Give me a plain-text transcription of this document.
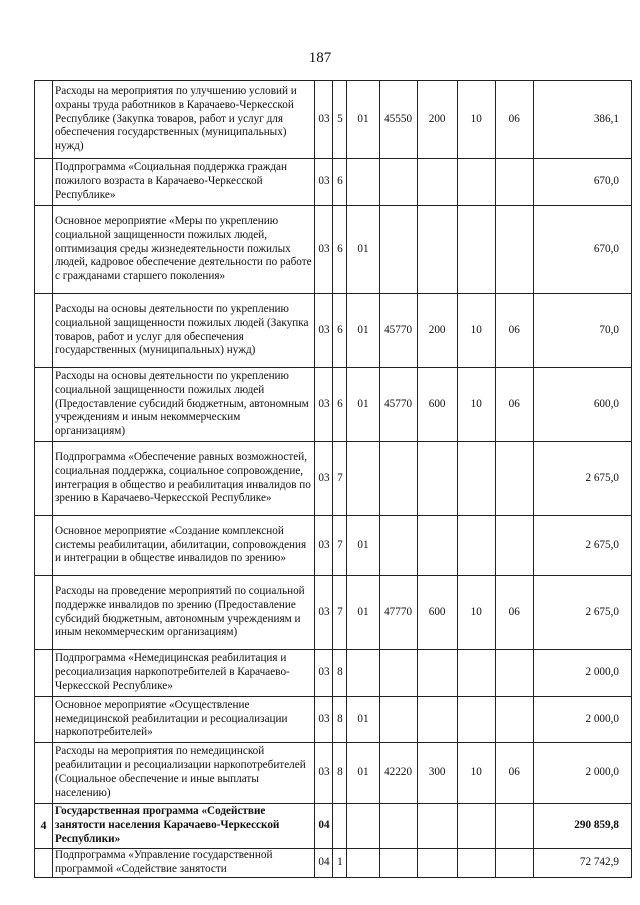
187
	Расходы на мероприятия по улучшению условий и охраны труда работников в Карачаево-Черкесской Республике (Закупка товаров, работ и услуг для обеспечения государственных (муниципальных) нужд)	03	5	01	45550	200	10	06	386,1
	Подпрограмма «Социальная поддержка граждан пожилого возраста в Карачаево-Черкесской Республике»	03	6						670,0
	Основное мероприятие «Меры по укреплению социальной защищенности пожилых людей, оптимизация среды жизнедеятельности пожилых людей, кадровое обеспечение деятельности по работе с гражданами старшего поколения»	03	6	01					670,0
	Расходы на основы деятельности по укреплению социальной защищенности пожилых людей (Закупка товаров, работ и услуг для обеспечения государственных (муниципальных) нужд)	03	6	01	45770	200	10	06	70,0
	Расходы на основы деятельности по укреплению социальной защищенности пожилых людей (Предоставление субсидий бюджетным, автономным учреждениям и иным некоммерческим организациям)	03	6	01	45770	600	10	06	600,0
	Подпрограмма «Обеспечение равных возможностей, социальная поддержка, социальное сопровождение, интеграция в общество и реабилитация инвалидов по зрению в Карачаево-Черкесской Республике»	03	7						2 675,0
	Основное мероприятие «Создание комплексной системы реабилитации, абилитации, сопровождения и интеграции в обществе инвалидов по зрению»	03	7	01					2 675,0
	Расходы на проведение мероприятий по социальной поддержке инвалидов по зрению (Предоставление субсидий бюджетным, автономным учреждениям и иным некоммерческим организациям)	03	7	01	47770	600	10	06	2 675,0
	Подпрограмма «Немедицинская реабилитация и ресоциализация наркопотребителей в Карачаево-Черкесской Республике»	03	8						2 000,0
	Основное мероприятие «Осуществление немедицинской реабилитации и ресоциализации наркопотребителей»	03	8	01					2 000,0
	Расходы на мероприятия по немедицинской реабилитации и ресоциализации наркопотребителей (Социальное обеспечение и иные выплаты населению)	03	8	01	42220	300	10	06	2 000,0
4	Государственная программа «Содействие занятости населения Карачаево-Черкесской Республики»	04							290 859,8
	Подпрограмма «Управление государственной программой «Содействие занятости	04	1						72 742,9
